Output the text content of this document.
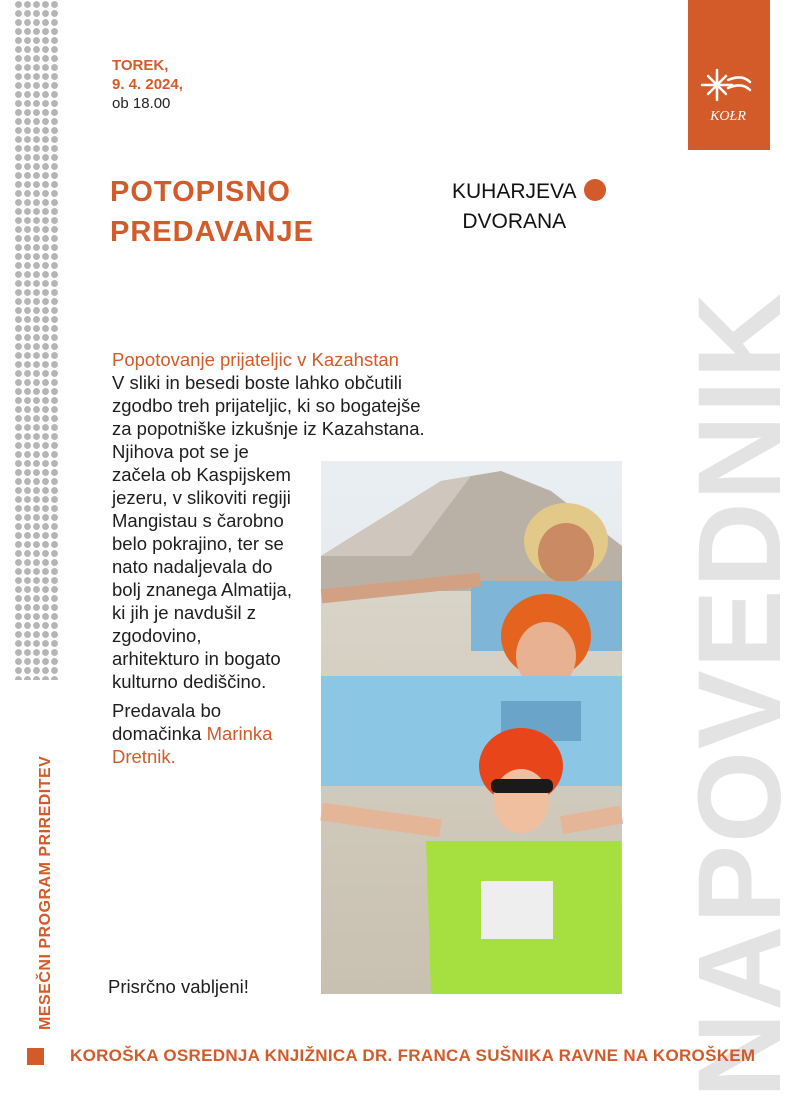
KOŁR
NAPOVEDNIK
TOREK,
9. 4. 2024,
ob 18.00
POTOPISNO
PREDAVANJE
KUHARJEVA
DVORANA
Popotovanje prijateljic v Kazahstan
V sliki in besedi boste lahko občutili
zgodbo treh prijateljic, ki so bogatejše
za popotniške izkušnje iz Kazahstana.
Njihova pot se je
začela ob Kaspijskem
jezeru, v slikoviti regiji
Mangistau s čarobno
belo pokrajino, ter se
nato nadaljevala do
bolj znanega Almatija,
ki jih je navdušil z
zgodovino,
arhitekturo in bogato
kulturno dediščino.
Predavala bo
domačinka Marinka
Dretnik.
Prisrčno vabljeni!
MESEČNI PROGRAM PRIREDITEV
KOROŠKA OSREDNJA KNJIŽNICA DR. FRANCA SUŠNIKA RAVNE NA KOROŠKEM
